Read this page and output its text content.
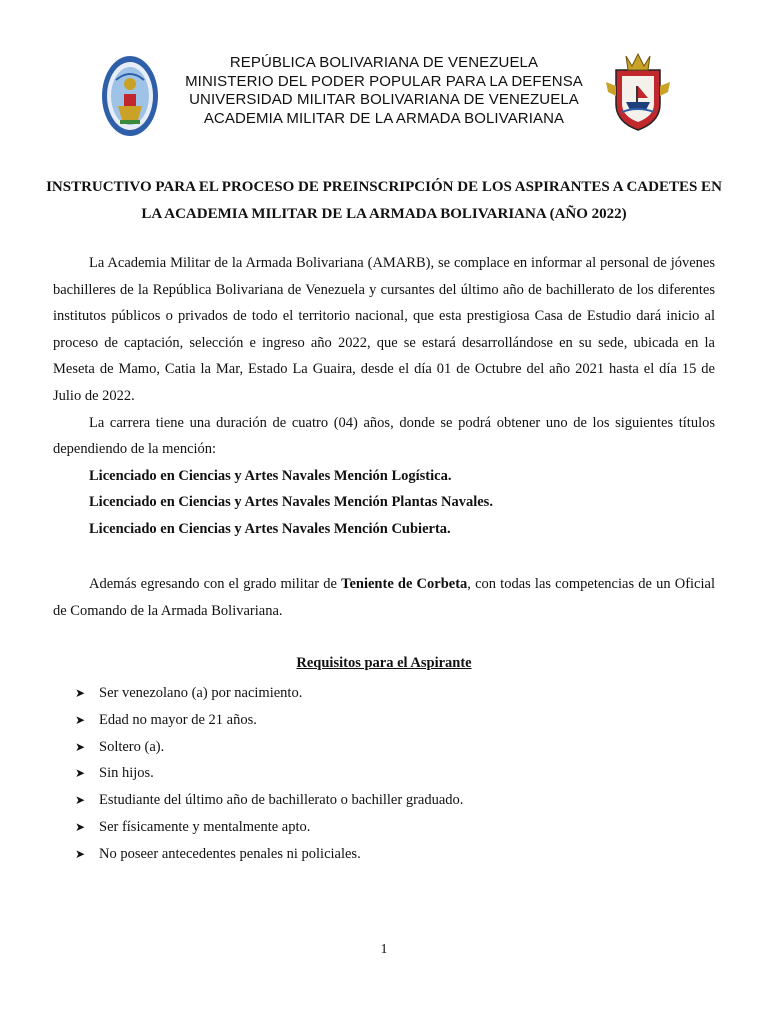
REPÚBLICA BOLIVARIANA DE VENEZUELA
MINISTERIO DEL PODER POPULAR PARA LA DEFENSA
UNIVERSIDAD MILITAR BOLIVARIANA DE VENEZUELA
ACADEMIA MILITAR DE LA ARMADA BOLIVARIANA
INSTRUCTIVO PARA EL PROCESO DE PREINSCRIPCIÓN DE LOS ASPIRANTES A CADETES EN LA ACADEMIA MILITAR DE LA ARMADA BOLIVARIANA (AÑO 2022)

La Academia Militar de la Armada Bolivariana (AMARB), se complace en informar al personal de jóvenes bachilleres de la República Bolivariana de Venezuela y cursantes del último año de bachillerato de los diferentes institutos públicos o privados de todo el territorio nacional, que esta prestigiosa Casa de Estudio dará inicio al proceso de captación, selección e ingreso año 2022, que se estará desarrollándose en su sede, ubicada en la Meseta de Mamo, Catia la Mar, Estado La Guaira, desde el día 01 de Octubre del año 2021 hasta el día 15 de Julio de 2022.

La carrera tiene una duración de cuatro (04) años, donde se podrá obtener uno de los siguientes títulos dependiendo de la mención:

Licenciado en Ciencias y Artes Navales Mención Logística.

Licenciado en Ciencias y Artes Navales Mención Plantas Navales.

Licenciado en Ciencias y Artes Navales Mención Cubierta.

Además egresando con el grado militar de Teniente de Corbeta, con todas las competencias de un Oficial de Comando de la Armada Bolivariana.

Requisitos para el Aspirante
➤ Ser venezolano (a) por nacimiento.
➤ Edad no mayor de 21 años.
➤ Soltero (a).
➤ Sin hijos.
➤ Estudiante del último año de bachillerato o bachiller graduado.
➤ Ser físicamente y mentalmente apto.
➤ No poseer antecedentes penales ni policiales.
1
